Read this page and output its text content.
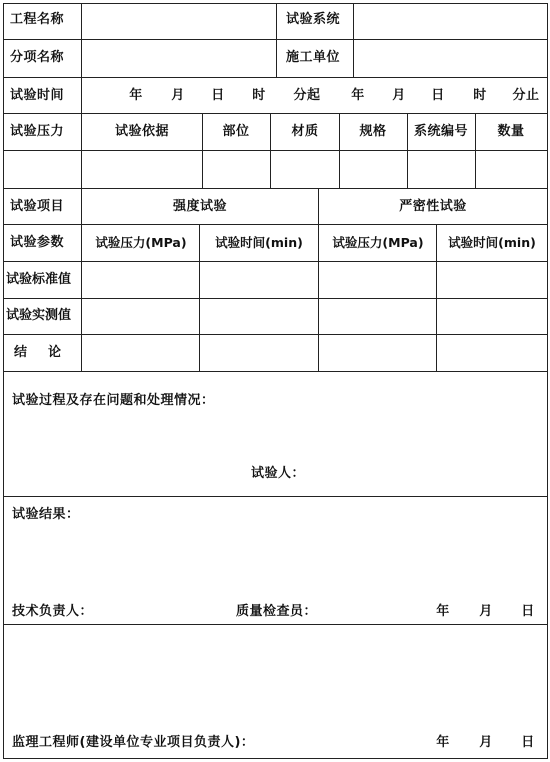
工程名称	试验系统
分项名称	施工单位
试验时间	年 月 日 时 分起 年 月 日 时 分止
试验压力	试验依据	部位	材质	规格 系统编号 数量
试验项目	强度试验	严密性试验
试验参数	试验压力(MPa) 试验时间(min) 试验压力(MPa) 试验时间(min)
试验标准值
试验实测值
结　论
试验过程及存在问题和处理情况：
试验人：
试验结果：
技术负责人：	质量检查员：	年 月 日
监理工程师(建设单位专业项目负责人)：	年 月 日
